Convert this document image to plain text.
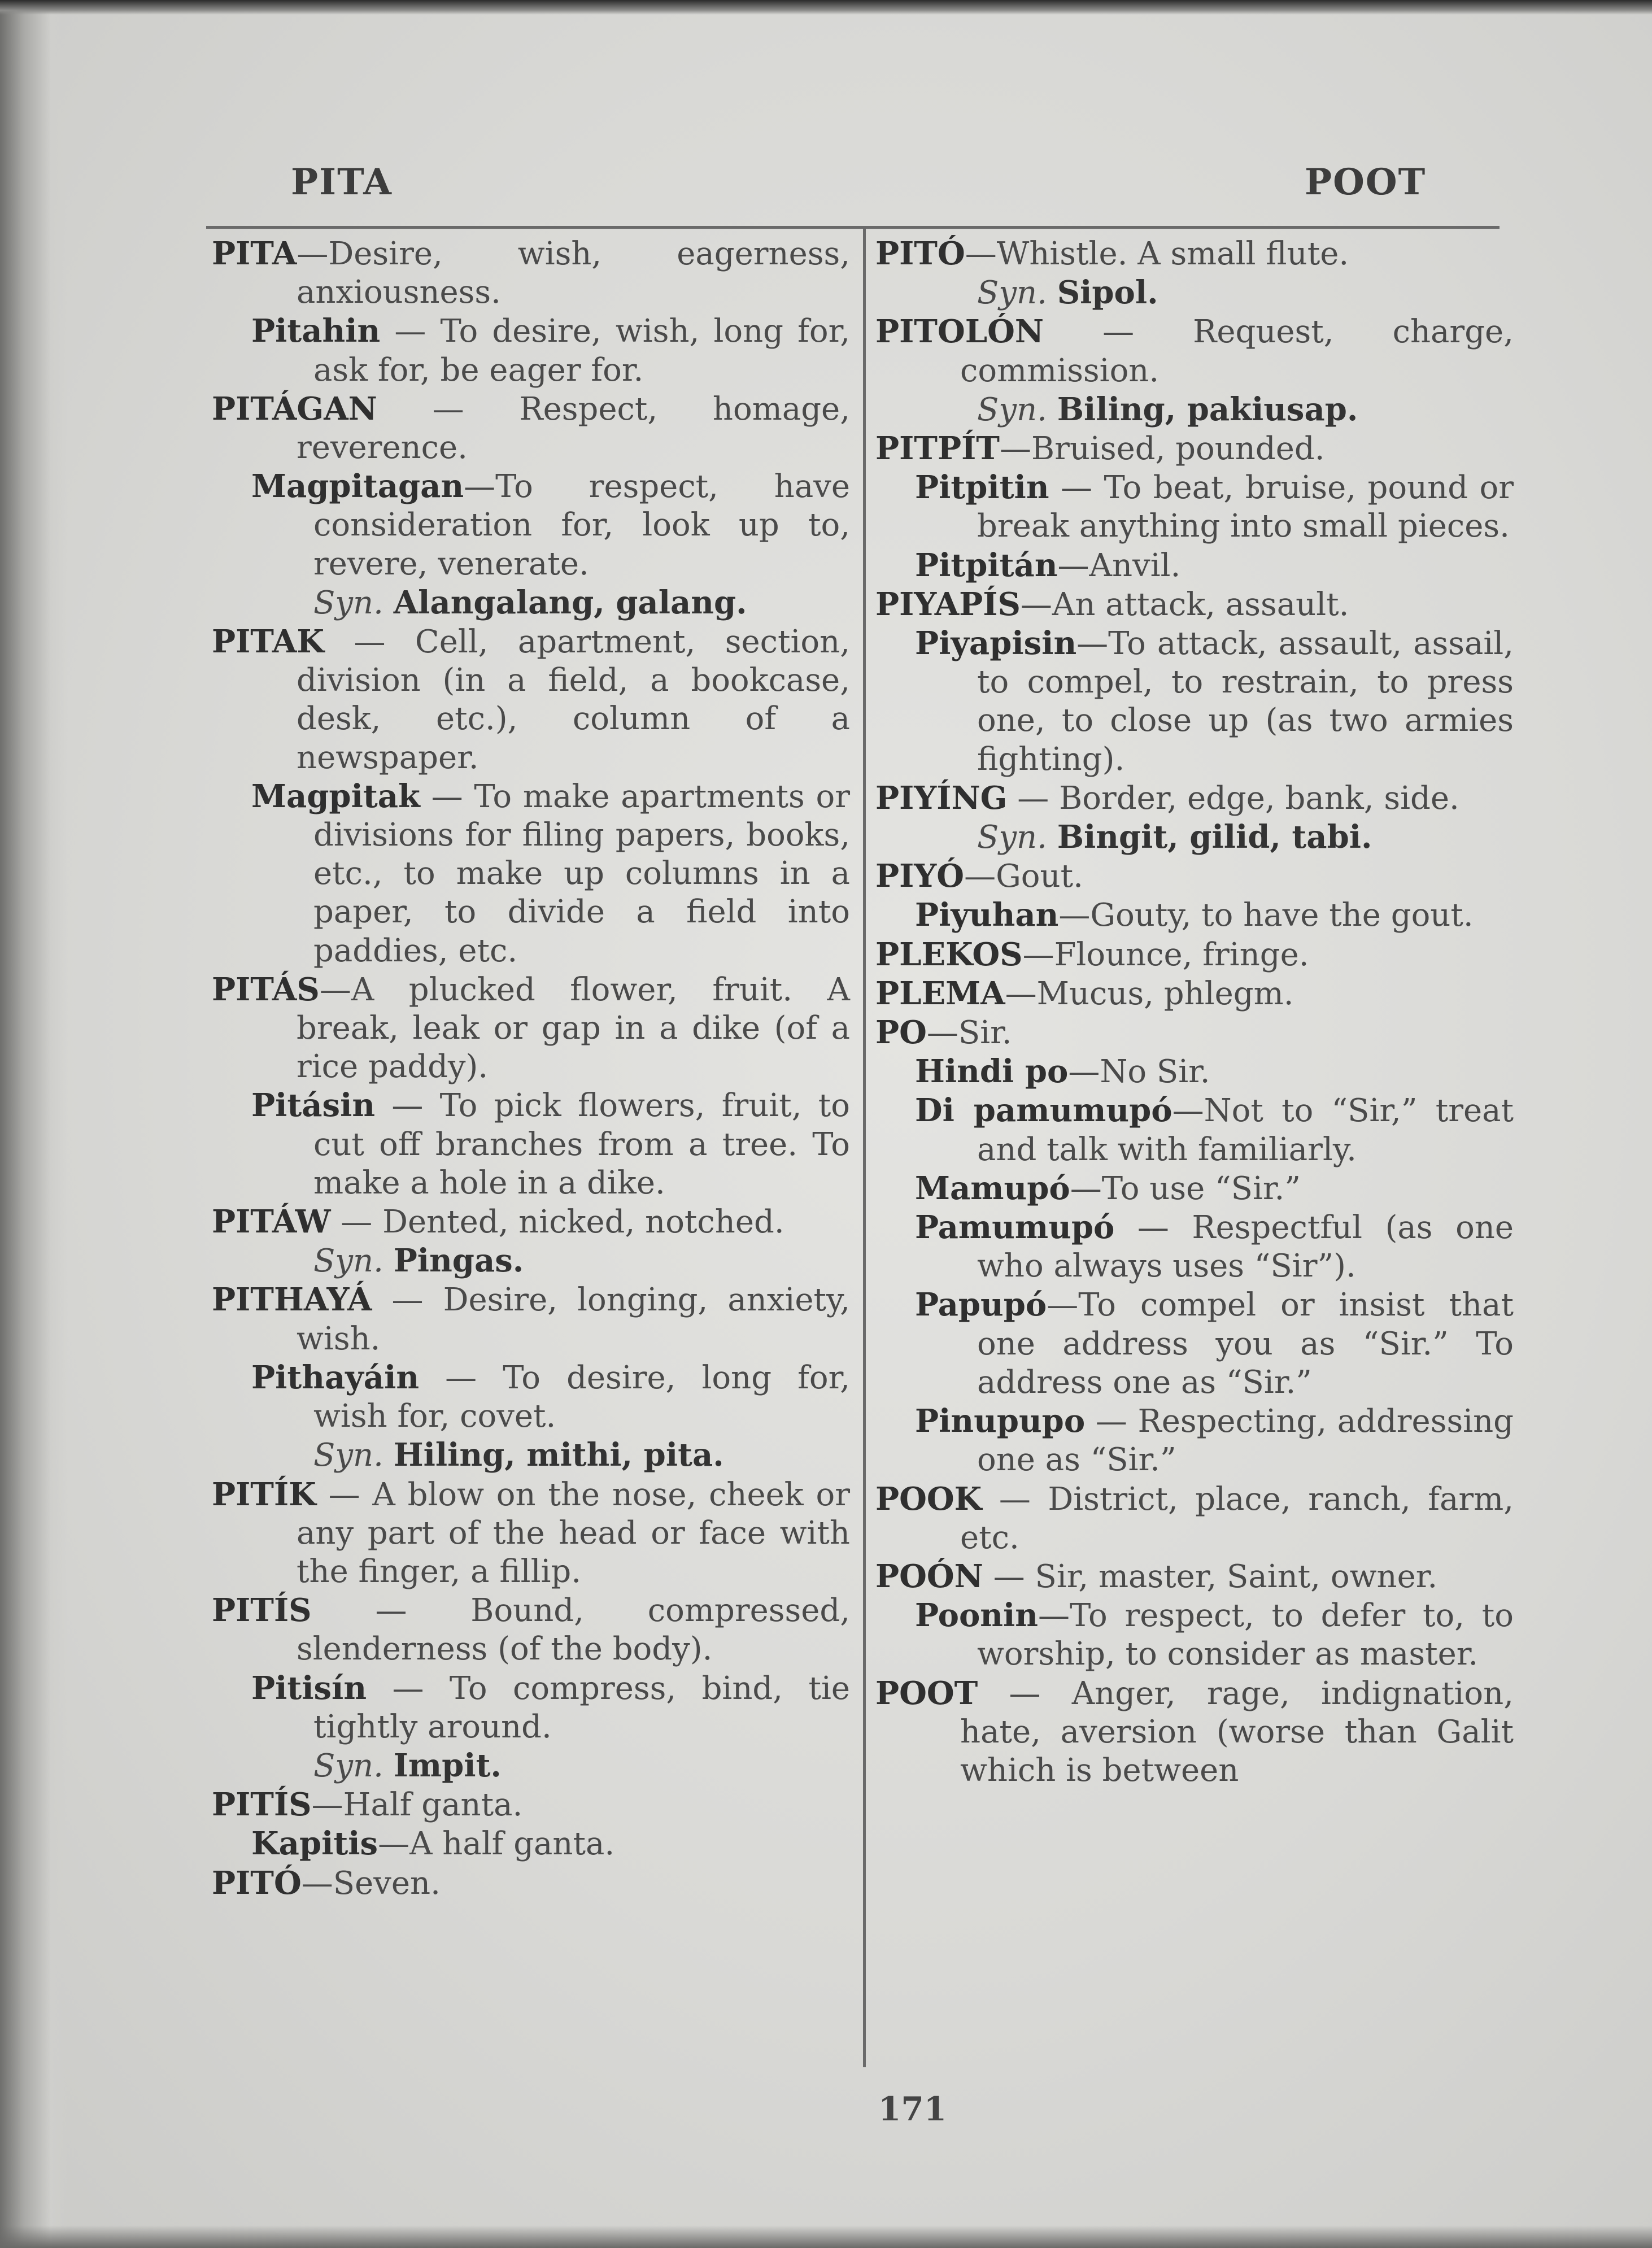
PITA	POOT

PITA—Desire, wish, eagerness, anxiousness.

Pitahin — To desire, wish, long for, ask for, be eager for.

PITÁGAN — Respect, homage, reverence.

Magpitagan—To respect, have consideration for, look up to, revere, venerate.

Syn. Alangalang, galang.

PITAK — Cell, apartment, section, division (in a field, a bookcase, desk, etc.), column of a newspaper.

Magpitak — To make apartments or divisions for filing papers, books, etc., to make up columns in a paper, to divide a field into paddies, etc.

PITÁS—A plucked flower, fruit. A break, leak or gap in a dike (of a rice paddy).

Pitásin — To pick flowers, fruit, to cut off branches from a tree. To make a hole in a dike.

PITÁW — Dented, nicked, notched.

Syn. Pingas.

PITHAYÁ — Desire, longing, anxiety, wish.

Pithayáin — To desire, long for, wish for, covet.

Syn. Hiling, mithi, pita.

PITÍK — A blow on the nose, cheek or any part of the head or face with the finger, a fillip.

PITÍS — Bound, compressed, slenderness (of the body).

Pitisín — To compress, bind, tie tightly around.

Syn. Impit.

PITÍS—Half ganta.

Kapitis—A half ganta.

PITÓ—Seven.

PITÓ—Whistle. A small flute.

Syn. Sipol.

PITOLÓN — Request, charge, commission.

Syn. Biling, pakiusap.

PITPÍT—Bruised, pounded.

Pitpitin — To beat, bruise, pound or break anything into small pieces.

Pitpitán—Anvil.

PIYAPÍS—An attack, assault.

Piyapisin—To attack, assault, assail, to compel, to restrain, to press one, to close up (as two armies fighting).

PIYÍNG — Border, edge, bank, side.

Syn. Bingit, gilid, tabi.

PIYÓ—Gout.

Piyuhan—Gouty, to have the gout.

PLEKOS—Flounce, fringe.

PLEMA—Mucus, phlegm.

PO—Sir.

Hindi po—No Sir.

Di pamumupó—Not to “Sir,” treat and talk with familiarly.

Mamupó—To use “Sir.”

Pamumupó — Respectful (as one who always uses “Sir”).

Papupó—To compel or insist that one address you as “Sir.” To address one as “Sir.”

Pinupupo — Respecting, addressing one as “Sir.”

POOK — District, place, ranch, farm, etc.

POÓN — Sir, master, Saint, owner.

Poonin—To respect, to defer to, to worship, to consider as master.

POOT — Anger, rage, indignation, hate, aversion (worse than Galit which is between

171
